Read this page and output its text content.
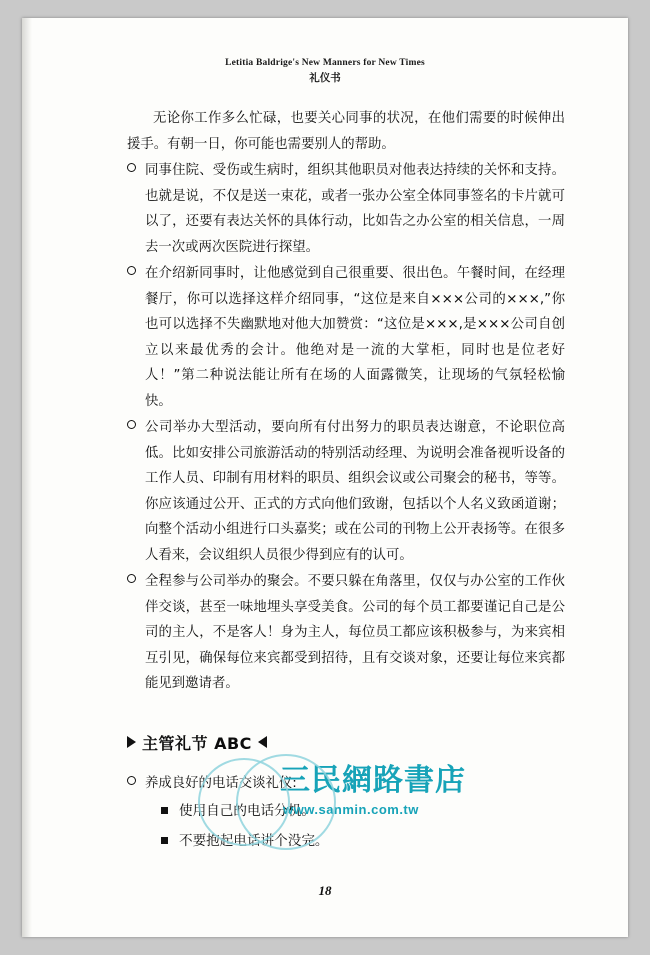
Letitia Baldrige's New Manners for New Times
礼仪书
无论你工作多么忙碌，也要关心同事的状况，在他们需要的时候伸出援手。有朝一日，你可能也需要别人的帮助。
同事住院、受伤或生病时，组织其他职员对他表达持续的关怀和支持。也就是说，不仅是送一束花，或者一张办公室全体同事签名的卡片就可以了，还要有表达关怀的具体行动，比如告之办公室的相关信息，一周去一次或两次医院进行探望。
在介绍新同事时，让他感觉到自己很重要、很出色。午餐时间，在经理餐厅，你可以选择这样介绍同事，“这位是来自×××公司的×××,”你也可以选择不失幽默地对他大加赞赏：“这位是×××,是×××公司自创立以来最优秀的会计。他绝对是一流的大掌柜，同时也是位老好人！”第二种说法能让所有在场的人面露微笑，让现场的气氛轻松愉快。
公司举办大型活动，要向所有付出努力的职员表达谢意，不论职位高低。比如安排公司旅游活动的特别活动经理、为说明会准备视听设备的工作人员、印制有用材料的职员、组织会议或公司聚会的秘书，等等。你应该通过公开、正式的方式向他们致谢，包括以个人名义致函道谢；向整个活动小组进行口头嘉奖；或在公司的刊物上公开表扬等。在很多人看来，会议组织人员很少得到应有的认可。
全程参与公司举办的聚会。不要只躲在角落里，仅仅与办公室的工作伙伴交谈，甚至一味地埋头享受美食。公司的每个员工都要谨记自己是公司的主人，不是客人！身为主人，每位员工都应该积极参与，为来宾相互引见，确保每位来宾都受到招待，且有交谈对象，还要让每位来宾都能见到邀请者。
主管礼节 ABC
养成良好的电话交谈礼仪:
使用自己的电话分机。
不要抱起电话讲个没完。
三民網路書店
www.sanmin.com.tw
18
